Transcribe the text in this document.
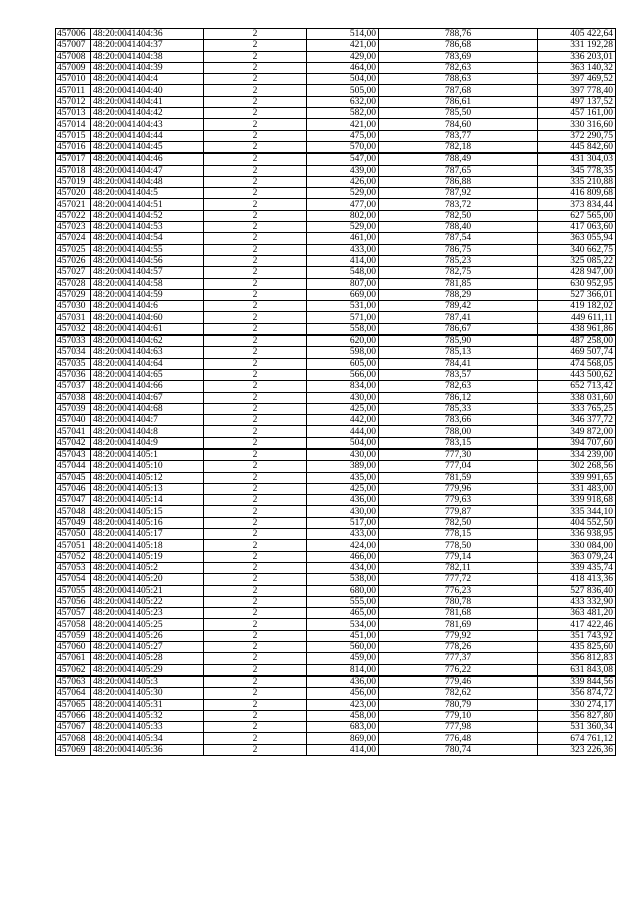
457006	48:20:0041404:36	2	514,00	788,76	405 422,64
457007	48:20:0041404:37	2	421,00	786,68	331 192,28
457008	48:20:0041404:38	2	429,00	783,69	336 203,01
457009	48:20:0041404:39	2	464,00	782,63	363 140,32
457010	48:20:0041404:4	2	504,00	788,63	397 469,52
457011	48:20:0041404:40	2	505,00	787,68	397 778,40
457012	48:20:0041404:41	2	632,00	786,61	497 137,52
457013	48:20:0041404:42	2	582,00	785,50	457 161,00
457014	48:20:0041404:43	2	421,00	784,60	330 316,60
457015	48:20:0041404:44	2	475,00	783,77	372 290,75
457016	48:20:0041404:45	2	570,00	782,18	445 842,60
457017	48:20:0041404:46	2	547,00	788,49	431 304,03
457018	48:20:0041404:47	2	439,00	787,65	345 778,35
457019	48:20:0041404:48	2	426,00	786,88	335 210,88
457020	48:20:0041404:5	2	529,00	787,92	416 809,68
457021	48:20:0041404:51	2	477,00	783,72	373 834,44
457022	48:20:0041404:52	2	802,00	782,50	627 565,00
457023	48:20:0041404:53	2	529,00	788,40	417 063,60
457024	48:20:0041404:54	2	461,00	787,54	363 055,94
457025	48:20:0041404:55	2	433,00	786,75	340 662,75
457026	48:20:0041404:56	2	414,00	785,23	325 085,22
457027	48:20:0041404:57	2	548,00	782,75	428 947,00
457028	48:20:0041404:58	2	807,00	781,85	630 952,95
457029	48:20:0041404:59	2	669,00	788,29	527 366,01
457030	48:20:0041404:6	2	531,00	789,42	419 182,02
457031	48:20:0041404:60	2	571,00	787,41	449 611,11
457032	48:20:0041404:61	2	558,00	786,67	438 961,86
457033	48:20:0041404:62	2	620,00	785,90	487 258,00
457034	48:20:0041404:63	2	598,00	785,13	469 507,74
457035	48:20:0041404:64	2	605,00	784,41	474 568,05
457036	48:20:0041404:65	2	566,00	783,57	443 500,62
457037	48:20:0041404:66	2	834,00	782,63	652 713,42
457038	48:20:0041404:67	2	430,00	786,12	338 031,60
457039	48:20:0041404:68	2	425,00	785,33	333 765,25
457040	48:20:0041404:7	2	442,00	783,66	346 377,72
457041	48:20:0041404:8	2	444,00	788,00	349 872,00
457042	48:20:0041404:9	2	504,00	783,15	394 707,60
457043	48:20:0041405:1	2	430,00	777,30	334 239,00
457044	48:20:0041405:10	2	389,00	777,04	302 268,56
457045	48:20:0041405:12	2	435,00	781,59	339 991,65
457046	48:20:0041405:13	2	425,00	779,96	331 483,00
457047	48:20:0041405:14	2	436,00	779,63	339 918,68
457048	48:20:0041405:15	2	430,00	779,87	335 344,10
457049	48:20:0041405:16	2	517,00	782,50	404 552,50
457050	48:20:0041405:17	2	433,00	778,15	336 938,95
457051	48:20:0041405:18	2	424,00	778,50	330 084,00
457052	48:20:0041405:19	2	466,00	779,14	363 079,24
457053	48:20:0041405:2	2	434,00	782,11	339 435,74
457054	48:20:0041405:20	2	538,00	777,72	418 413,36
457055	48:20:0041405:21	2	680,00	776,23	527 836,40
457056	48:20:0041405:22	2	555,00	780,78	433 332,90
457057	48:20:0041405:23	2	465,00	781,68	363 481,20
457058	48:20:0041405:25	2	534,00	781,69	417 422,46
457059	48:20:0041405:26	2	451,00	779,92	351 743,92
457060	48:20:0041405:27	2	560,00	778,26	435 825,60
457061	48:20:0041405:28	2	459,00	777,37	356 812,83
457062	48:20:0041405:29	2	814,00	776,22	631 843,08
457063	48:20:0041405:3	2	436,00	779,46	339 844,56
457064	48:20:0041405:30	2	456,00	782,62	356 874,72
457065	48:20:0041405:31	2	423,00	780,79	330 274,17
457066	48:20:0041405:32	2	458,00	779,10	356 827,80
457067	48:20:0041405:33	2	683,00	777,98	531 360,34
457068	48:20:0041405:34	2	869,00	776,48	674 761,12
457069	48:20:0041405:36	2	414,00	780,74	323 226,36
